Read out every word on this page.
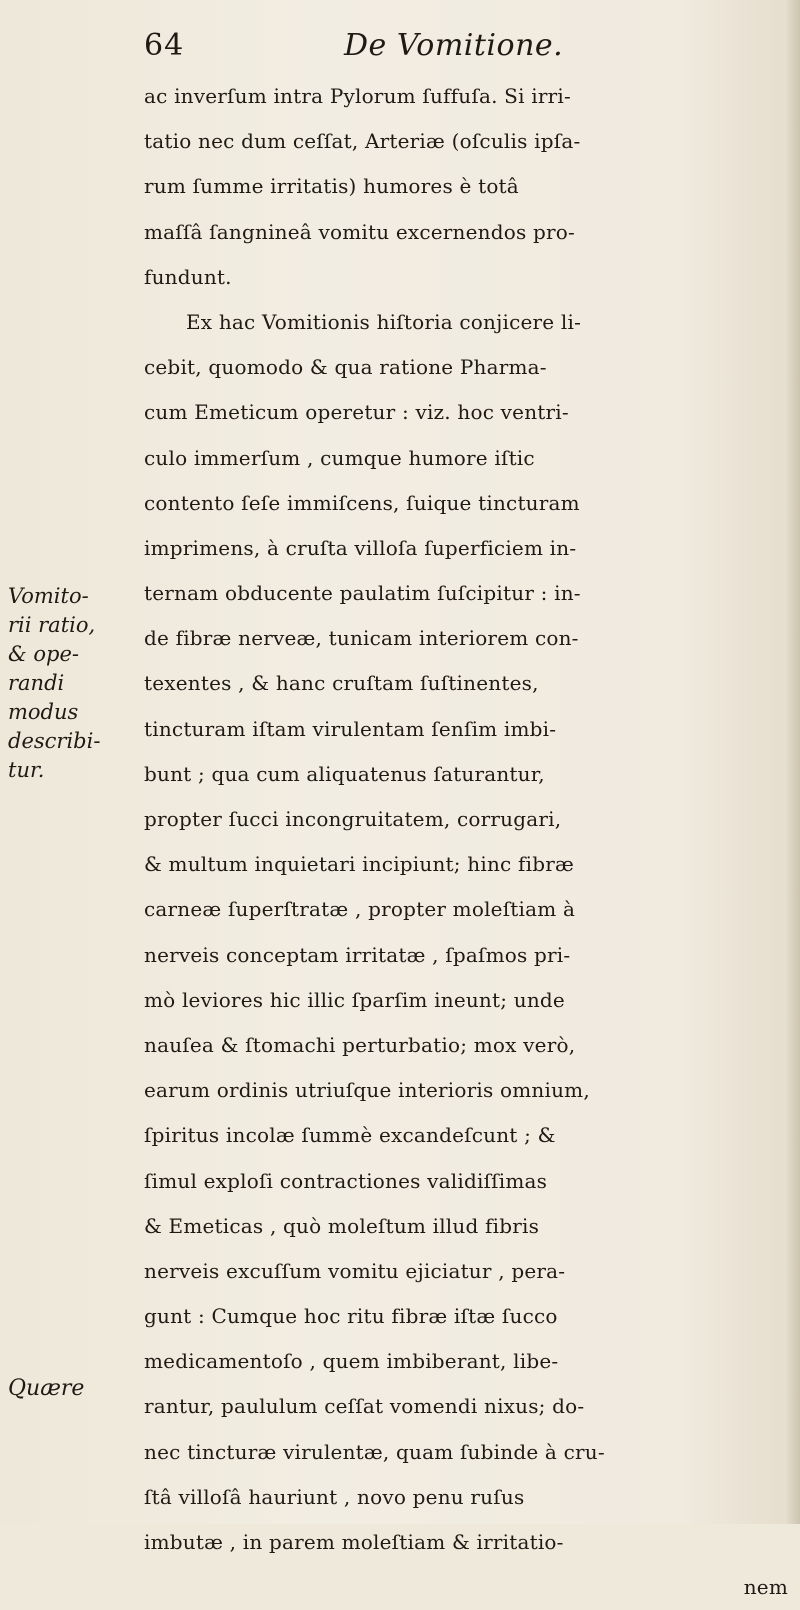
64	De Vomitione.
Vomito-
rii ratio,
& ope-
randi
modus
describi-
tur.
Quære
ac inverſum intra Pylorum ſuffuſa. Si irri-
tatio nec dum ceſſat, Arteriæ (oſculis ipſa-
rum ſumme irritatis) humores è totâ
maſſâ ſangnineâ vomitu excernendos pro-
fundunt.
Ex hac Vomitionis hiſtoria conjicere li-
cebit, quomodo & qua ratione Pharma-
cum Emeticum operetur : viz. hoc ventri-
culo immerſum , cumque humore iſtic
contento ſeſe immiſcens, ſuique tincturam
imprimens, à cruſta villoſa ſuperficiem in-
ternam obducente paulatim ſuſcipitur : in-
de fibræ nerveæ, tunicam interiorem con-
texentes , & hanc cruſtam ſuſtinentes,
tincturam iſtam virulentam ſenſim imbi-
bunt ; qua cum aliquatenus ſaturantur,
propter ſucci incongruitatem, corrugari,
& multum inquietari incipiunt; hinc fibræ
carneæ ſuperſtratæ , propter moleſtiam à
nerveis conceptam irritatæ , ſpaſmos pri-
mò leviores hic illic ſparſim ineunt; unde
nauſea & ſtomachi perturbatio; mox verò,
earum ordinis utriuſque interioris omnium,
ſpiritus incolæ ſummè excandeſcunt ; &
ſimul exploſi contractiones validiſſimas
& Emeticas , quò moleſtum illud fibris
nerveis excuſſum vomitu ejiciatur , pera-
gunt : Cumque hoc ritu fibræ iſtæ ſucco
medicamentoſo , quem imbiberant, libe-
rantur, paululum ceſſat vomendi nixus; do-
nec tincturæ virulentæ, quam ſubinde à cru-
ſtâ villoſâ hauriunt , novo penu ruſus
imbutæ , in parem moleſtiam & irritatio-
nem
